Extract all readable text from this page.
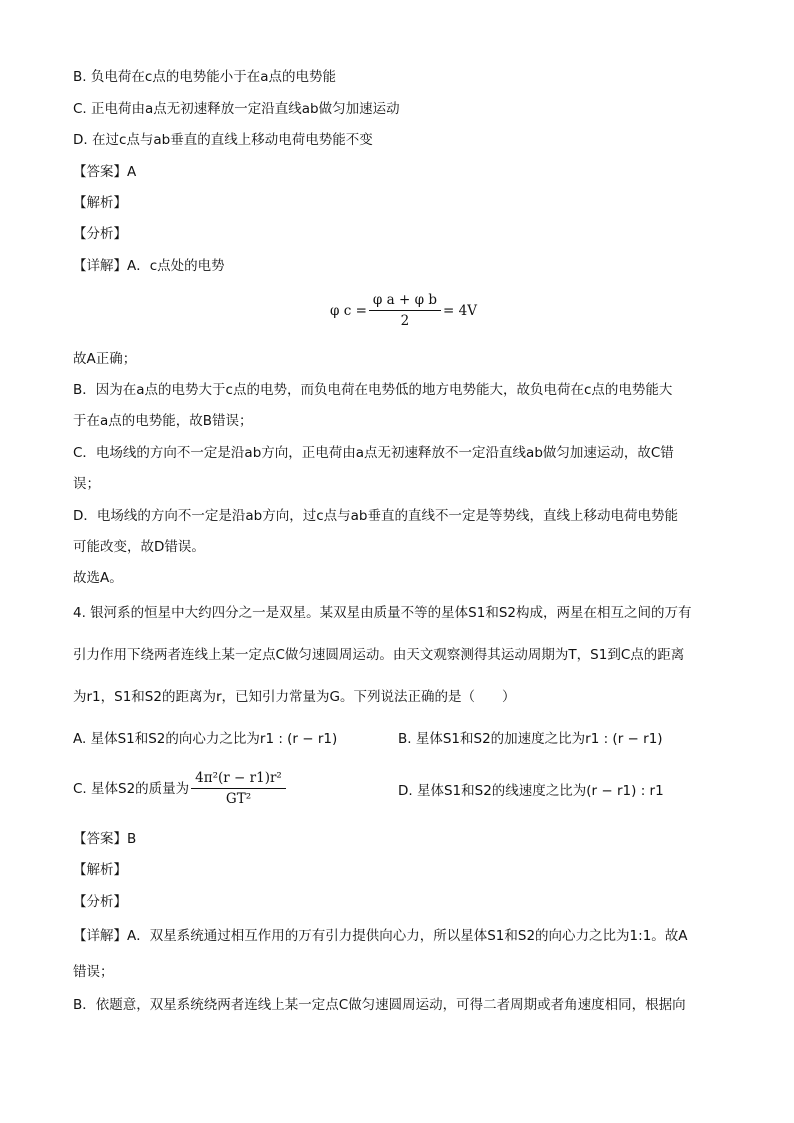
B. 负电荷在c点的电势能小于在a点的电势能
C. 正电荷由a点无初速释放一定沿直线ab做匀加速运动
D. 在过c点与ab垂直的直线上移动电荷电势能不变
【答案】A
【解析】
【分析】
【详解】A．c点处的电势
φ $c = \frac{\text{φ a + φ b}}{2} = 4V$
故A正确；
B．因为在a点的电势大于c点的电势，而负电荷在电势低的地方电势能大，故负电荷在c点的电势能大
于在a点的电势能，故B错误；
C．电场线的方向不一定是沿ab方向，正电荷由a点无初速释放不一定沿直线ab做匀加速运动，故C错
误；
D．电场线的方向不一定是沿ab方向，过c点与ab垂直的直线不一定是等势线，直线上移动电荷电势能
可能改变，故D错误。
故选A。
4. 银河系的恒星中大约四分之一是双星。某双星由质量不等的星体S1和S2构成，两星在相互之间的万有
引力作用下绕两者连线上某一定点C做匀速圆周运动。由天文观察测得其运动周期为T，S1到C点的距离
为r1，S1和S2的距离为r，已知引力常量为G。下列说法正确的是（　　）
A. 星体S1和S2的向心力之比为r1 : (r − r1)	B. 星体S1和S2的加速度之比为r1 : (r − r1)
C. 星体S2的质量为 $\frac{\text{4π²(r − r1)r²}}{\text{GT²}}$	D. 星体S1和S2的线速度之比为(r − r1) : r1
【答案】B
【解析】
【分析】
【详解】A．双星系统通过相互作用的万有引力提供向心力，所以星体S1和S2的向心力之比为1:1。故A
错误；
B．依题意，双星系统绕两者连线上某一定点C做匀速圆周运动，可得二者周期或者角速度相同，根据向
